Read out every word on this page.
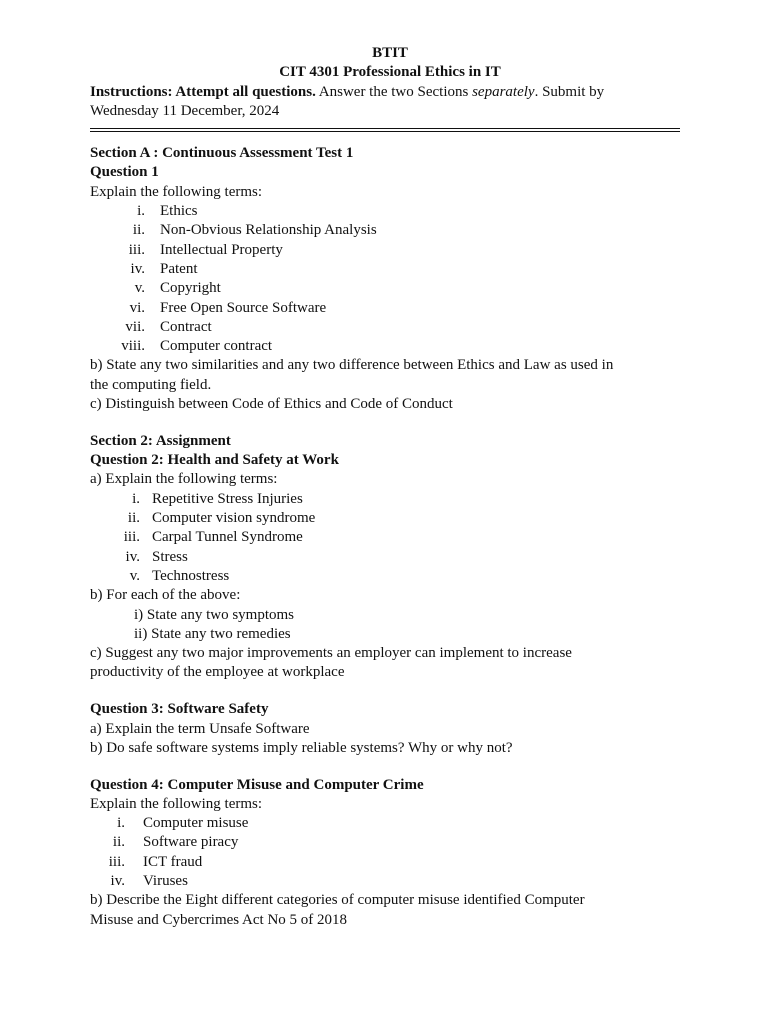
BTIT
CIT 4301 Professional Ethics in IT
Instructions: Attempt all questions. Answer the two Sections separately. Submit by
Wednesday 11 December, 2024
Section A : Continuous Assessment Test 1
Question 1
Explain the following terms:
i. Ethics
ii. Non-Obvious Relationship Analysis
iii. Intellectual Property
iv. Patent
v. Copyright
vi. Free Open Source Software
vii. Contract
viii. Computer contract
b) State any two similarities and any two difference between Ethics and Law as used in
the computing field.
c) Distinguish between Code of Ethics and Code of Conduct
Section 2: Assignment
Question 2: Health and Safety at Work
a) Explain the following terms:
i. Repetitive Stress Injuries
ii. Computer vision syndrome
iii. Carpal Tunnel Syndrome
iv. Stress
v. Technostress
b) For each of the above:
i) State any two symptoms
ii) State any two remedies
c) Suggest any two major improvements an employer can implement to increase
productivity of the employee at workplace
Question 3: Software Safety
a) Explain the term Unsafe Software
b) Do safe software systems imply reliable systems? Why or why not?
Question 4: Computer Misuse and Computer Crime
Explain the following terms:
i. Computer misuse
ii. Software piracy
iii. ICT fraud
iv. Viruses
b) Describe the Eight different categories of computer misuse identified Computer
Misuse and Cybercrimes Act No 5 of 2018
